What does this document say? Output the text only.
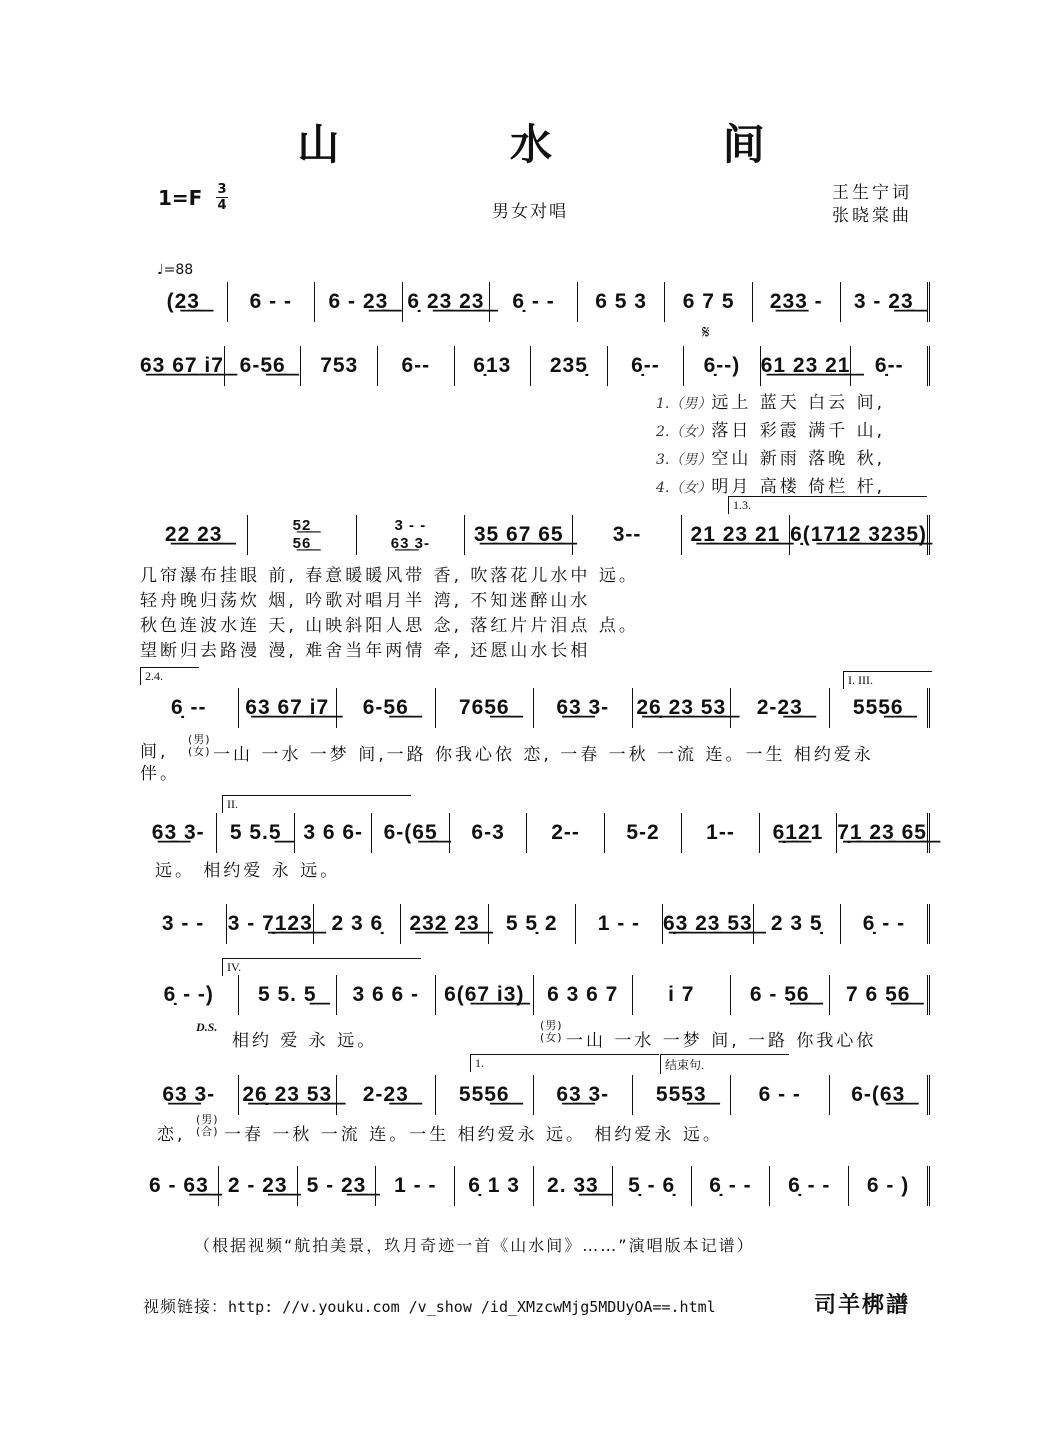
山 水 间
1=F 3
4	男女对唱
王生宁词
张晓棠曲
♩=88
(2͟3͟	6 - -	6 - 2͟3͟ 6̣ 2͟3͟ 2͟3͟	6̣ - -	6 5 3	6 7 5	2͟3͟3 -	3 - 2͟3͟
6͟3͟ 6͟7͟ i͟7͟ 6-5͟6͟	753	6--	6̣13	235̣	6̣--	6̣--) 6͟1͟ 2͟3͟ 2͟1͟	6̣--
𝄋
1.（男）远上 蓝天 白云 间,
2.（女）落日 彩霞 满千 山,
3.（男）空山 新雨 落晚 秋,
4.（女）明月 高楼 倚栏 杆,
1.3.
2͟2͟ 2͟3͟	5͟2͟
5͟6͟
3 - -
6͟3͟ 3-	3͟5͟ 6͟7͟ 6͟5͟	3--	2͟1͟ 2͟3͟ 2͟1͟ 6̣(1͟7͟1͟2͟ 3͟2͟3͟5͟)
几帘瀑布挂眼 前, 春意暖暖风带 香, 吹落花儿水中 远。
轻舟晚归荡炊 烟, 吟歌对唱月半 湾, 不知迷醉山水
秋色连波水连 天, 山映斜阳人思 念, 落红片片泪点 点。
望断归去路漫 漫, 难舍当年两情 牵, 还愿山水长相
2.4.	I. III.
6̣ --	6͟3͟ 6͟7͟ i͟7͟	6-5͟6͟	765͟6͟	6͟3͟ 3-	2͟6̣͟ 2͟3͟ 5͟3͟	2-2͟3͟	555͟6͟
间,
伴。
(男)(女) 一山 一水 一梦 间,一路 你我心依 恋, 一春 一秋 一流 连。一生 相约爱永
II.
6͟3͟ 3-	5 5.5͟	3 6 6- 6-(6͟5͟	6-3	2--	5-2	1--	6̣͟1͟21 7̣͟1͟ 2͟3͟ 6͟5͟
远。 相约爱 永 远。
3 - -	3 - 7̣͟1͟2͟3͟ 2 3 6̣	2͟3͟2 2͟3͟	5 5̣ 2	1 - -	6̣͟3͟ 2͟3͟ 5͟3͟ 2 3 5̣	6̣ - -
IV.
6̣ - -)	5 5. 5͟	3 6 6 -	6(6͟7͟ i͟3͟)	6 3 6 7	i 7	6 - 5͟6͟	7 6 5͟6͟
D.S.
相约 爱 永 远。
(男)(女) 一山 一水 一梦 间, 一路 你我心依
1.	结束句.
6͟3͟ 3-	2͟6̣͟ 2͟3͟ 5͟3͟	2-2͟3͟	555͟6͟	6͟3͟ 3-	555͟3͟	6 - -	6-(6͟3͟
恋,
(男)(合) 一春 一秋 一流 连。一生 相约爱永 远。 相约爱永 远。
6 - 6͟3͟ 2 - 2͟3͟ 5 - 2͟3͟	1 - -	6̣ 1 3	2. 3͟3͟	5̣ - 6̣	6̣ - -	6̣ - -	6 - )
（根据视频“航拍美景，玖月奇迹一首《山水间》……”演唱版本记谱）
视频链接：http: //v.youku.com /v_show /id_XMzcwMjg5MDUyOA==.html	司羊梆譜
